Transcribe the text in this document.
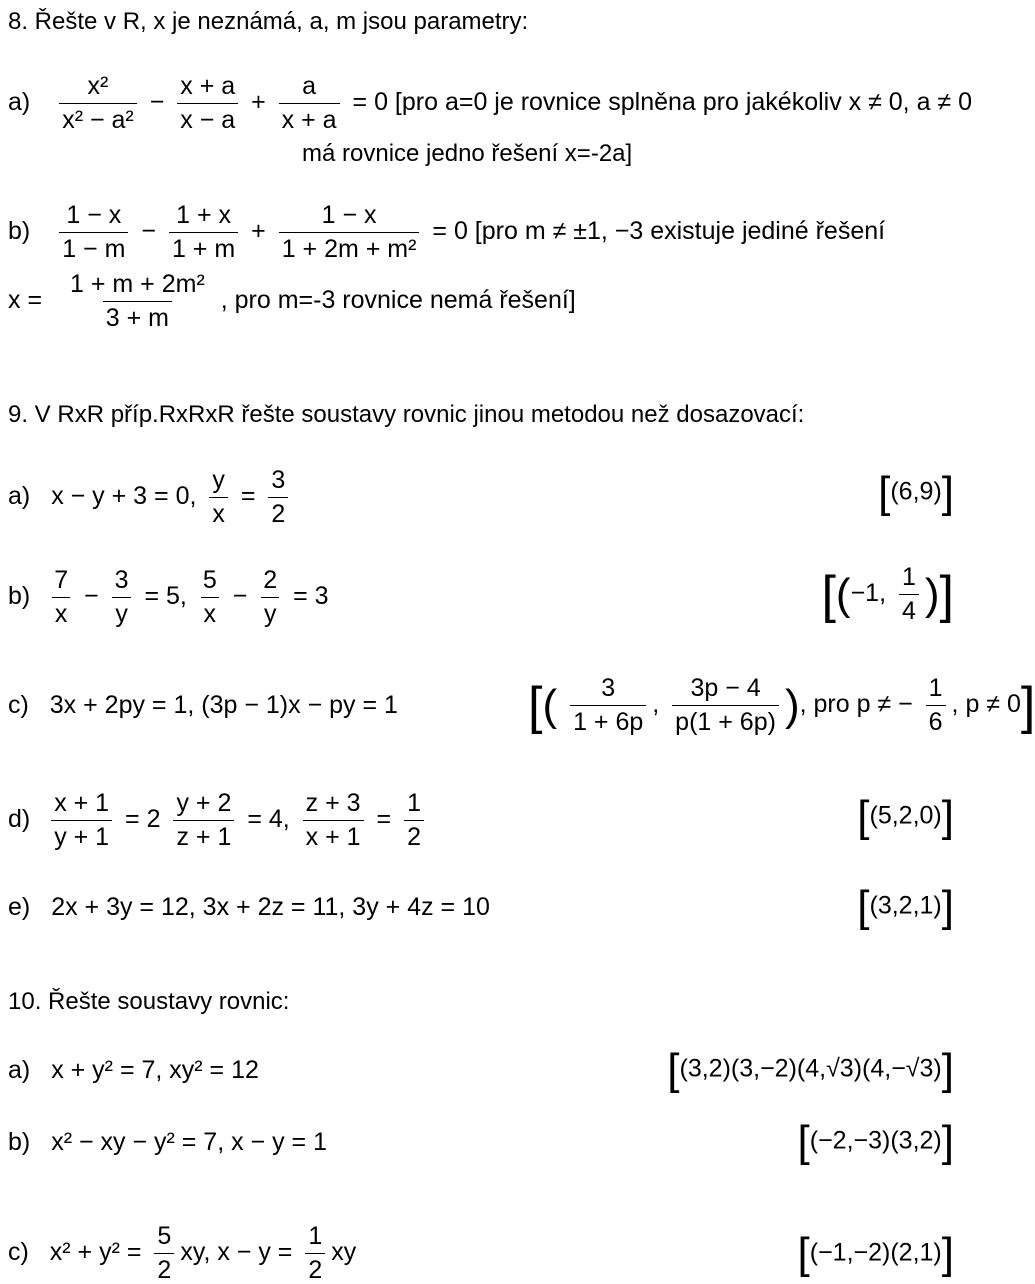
8. Řešte v R, x je neznámá, a, m jsou parametry:
$a) \frac{\text{x²}}{\text{x² − a²}} - \frac{x + a}{x - a} + \frac{a}{x + a} = 0$ [pro a=0 je rovnice splněna pro jakékoliv x ≠ 0, a ≠ 0
má rovnice jedno řešení x=-2a]
$b) \frac{1 - x}{1 - m} - \frac{1 + x}{1 + m} + \frac{1 - x}{\text{1 + 2m + m²}} = 0$ [pro m ≠ ±1, −3 existuje jediné řešení
$x = \frac{\text{1 + m + 2m²}}{3 + m}$ , pro m=-3 rovnice nemá řešení]
9. V RxR příp.RxRxR řešte soustavy rovnic jinou metodou než dosazovací:
a) x − y + 3 = 0, $\frac{y}{x} = \frac{3}{2}$	[(6,9)]
$b) \frac{7}{x} - \frac{3}{y} = 5$, $\frac{5}{x} - \frac{2}{y} = 3$	[(−1, $\frac{1}{4}$ )]
c) 3x + 2py = 1, (3p − 1)x − py = 1	[( $\frac{3}{1 + 6p}$ , $\frac{3p - 4}{p(1 + 6p)}$ ), pro p ≠ − $\frac{1}{6}$ , p ≠ 0]
$d) \frac{x + 1}{y + 1} = 2 \frac{y + 2}{z + 1} = 4$, $\frac{z + 3}{x + 1} = \frac{1}{2}$	[(5,2,0)]
e) 2x + 3y = 12, 3x + 2z = 11, 3y + 4z = 10	[(3,2,1)]
10. Řešte soustavy rovnic:
a) x + y² = 7, xy² = 12	[(3,2)(3,−2)(4,√3)(4,−√3)]
b) x² − xy − y² = 7, x − y = 1	[(−2,−3)(3,2)]
c) $x^2 + y^2 = \frac{5}{2}$ xy, $x - y = \frac{1}{2}$ xy	[(−1,−2)(2,1)]
